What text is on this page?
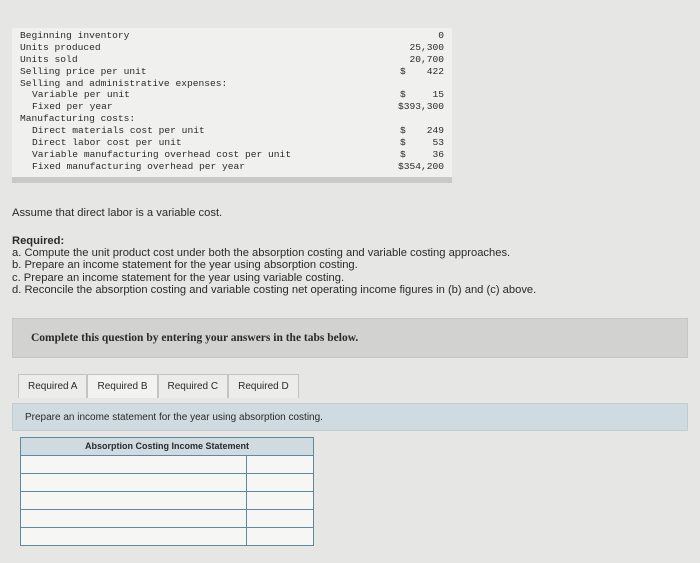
Beginning inventory	0
Units produced	25,300
Units sold	20,700
Selling price per unit	$ 422
Selling and administrative expenses:
Variable per unit	$	15
Fixed per year	$393,300
Manufacturing costs:
Direct materials cost per unit	$ 249
Direct labor cost per unit	$	53
Variable manufacturing overhead cost per unit	$	36
Fixed manufacturing overhead per year	$354,200
Assume that direct labor is a variable cost.
Required:
a. Compute the unit product cost under both the absorption costing and variable costing approaches.
b. Prepare an income statement for the year using absorption costing.
c. Prepare an income statement for the year using variable costing.
d. Reconcile the absorption costing and variable costing net operating income figures in (b) and (c) above.
Complete this question by entering your answers in the tabs below.
Required A	Required B	Required C	Required D
Prepare an income statement for the year using absorption costing.
Absorption Costing Income Statement
